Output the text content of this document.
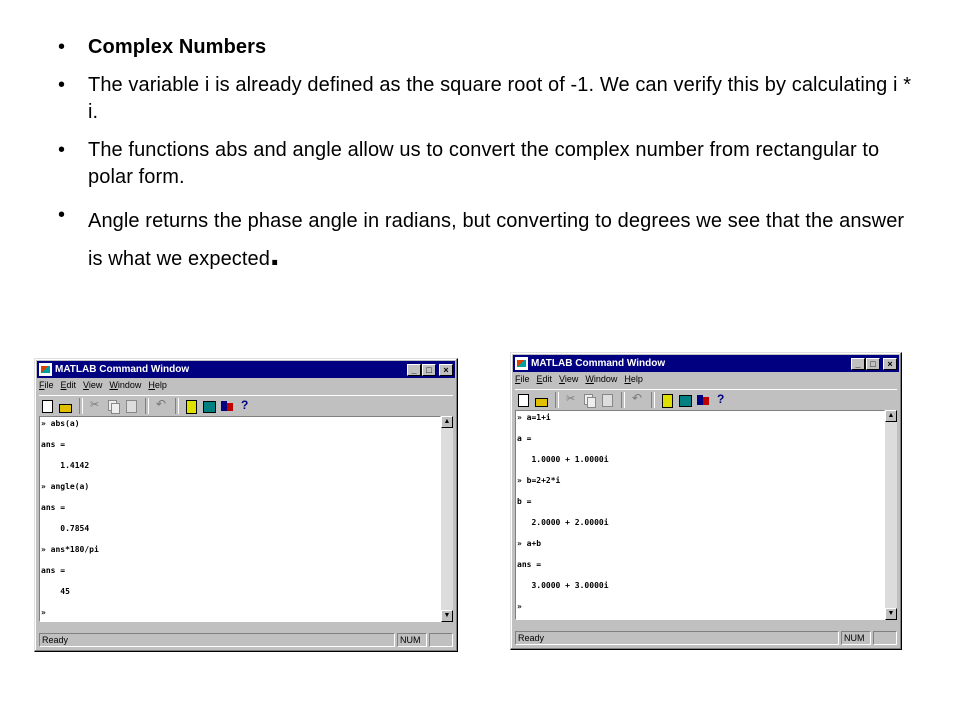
• Complex Numbers
• The variable i is already defined as the square root of -1. We can verify this by calculating i * i.
• The functions abs and angle allow us to convert the complex number from rectangular to polar form.
• Angle returns the phase angle in radians, but converting to degrees we see that the answer is what we expected.
MATLAB Command Window	_	□	×
File Edit View Window Help
✂
↶
?
» abs(a)

ans =

1.4142

» angle(a)

ans =

0.7854

» ans*180/pi

ans =

45

»
▲
▼
Ready	NUM
MATLAB Command Window	_	□	×
File Edit View Window Help
✂
↶
?
» a=1+i

a =

1.0000 + 1.0000i

» b=2+2*i

b =

2.0000 + 2.0000i

» a+b

ans =

3.0000 + 3.0000i

»
▲
▼
Ready	NUM
